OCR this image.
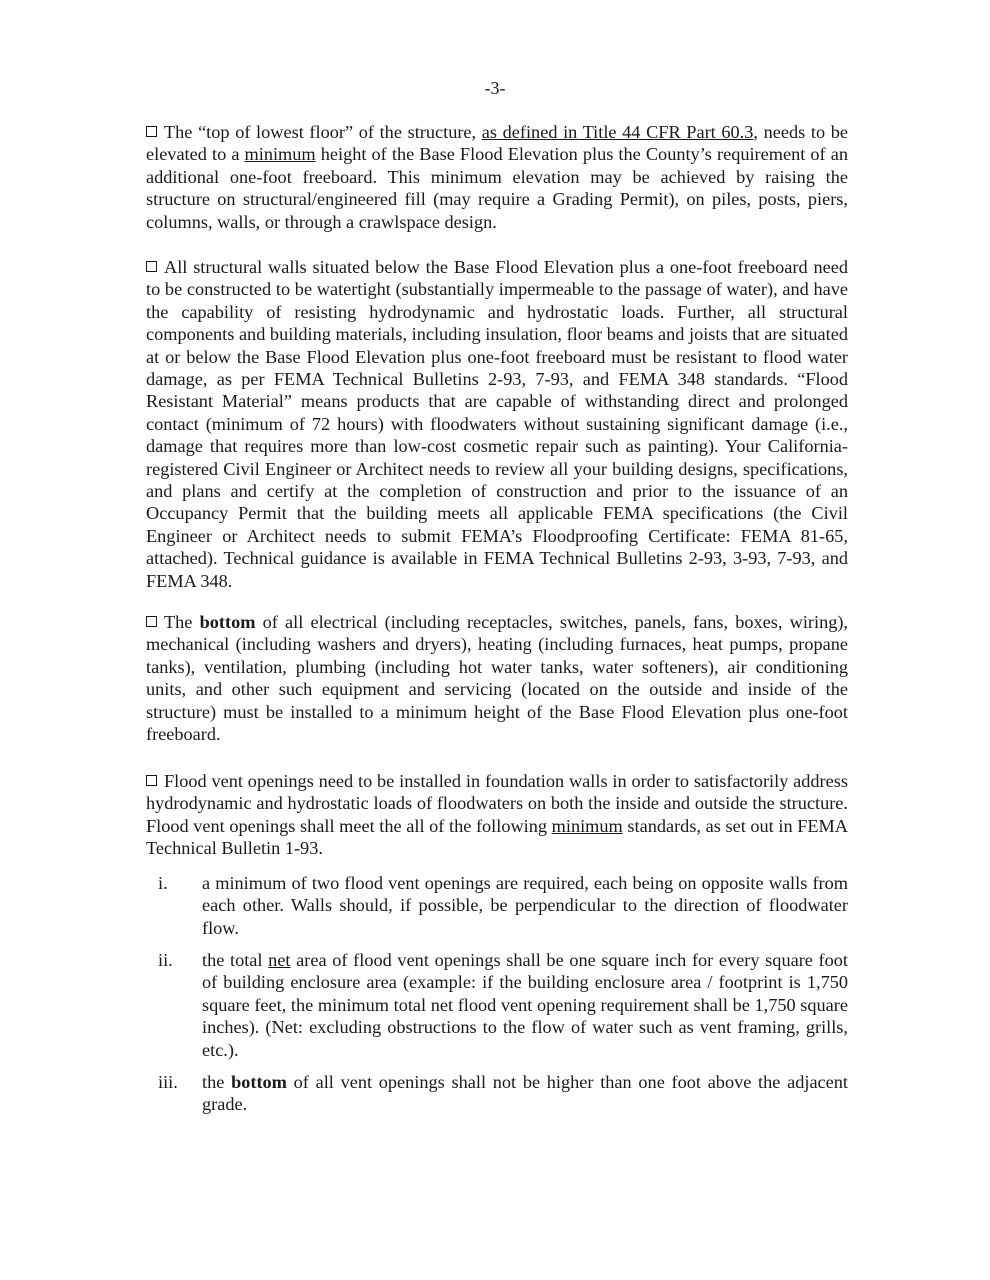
-3-

The “top of lowest floor” of the structure, as defined in Title 44 CFR Part 60.3, needs to be elevated to a minimum height of the Base Flood Elevation plus the County’s requirement of an additional one-foot freeboard. This minimum elevation may be achieved by raising the structure on structural/engineered fill (may require a Grading Permit), on piles, posts, piers, columns, walls, or through a crawlspace design.

All structural walls situated below the Base Flood Elevation plus a one-foot freeboard need to be constructed to be watertight (substantially impermeable to the passage of water), and have the capability of resisting hydrodynamic and hydrostatic loads. Further, all structural components and building materials, including insulation, floor beams and joists that are situated at or below the Base Flood Elevation plus one-foot freeboard must be resistant to flood water damage, as per FEMA Technical Bulletins 2-93, 7-93, and FEMA 348 standards. “Flood Resistant Material” means products that are capable of withstanding direct and prolonged contact (minimum of 72 hours) with floodwaters without sustaining significant damage (i.e., damage that requires more than low-cost cosmetic repair such as painting). Your California-registered Civil Engineer or Architect needs to review all your building designs, specifications, and plans and certify at the completion of construction and prior to the issuance of an Occupancy Permit that the building meets all applicable FEMA specifications (the Civil Engineer or Architect needs to submit FEMA’s Floodproofing Certificate: FEMA 81-65, attached). Technical guidance is available in FEMA Technical Bulletins 2-93, 3-93, 7-93, and FEMA 348.

The bottom of all electrical (including receptacles, switches, panels, fans, boxes, wiring), mechanical (including washers and dryers), heating (including furnaces, heat pumps, propane tanks), ventilation, plumbing (including hot water tanks, water softeners), air conditioning units, and other such equipment and servicing (located on the outside and inside of the structure) must be installed to a minimum height of the Base Flood Elevation plus one-foot freeboard.

Flood vent openings need to be installed in foundation walls in order to satisfactorily address hydrodynamic and hydrostatic loads of floodwaters on both the inside and outside the structure. Flood vent openings shall meet the all of the following minimum standards, as set out in FEMA Technical Bulletin 1-93.

i.	a minimum of two flood vent openings are required, each being on opposite walls from each other. Walls should, if possible, be perpendicular to the direction of floodwater flow.
ii.	the total net area of flood vent openings shall be one square inch for every square foot of building enclosure area (example: if the building enclosure area / footprint is 1,750 square feet, the minimum total net flood vent opening requirement shall be 1,750 square inches). (Net: excluding obstructions to the flow of water such as vent framing, grills, etc.).
iii.	the bottom of all vent openings shall not be higher than one foot above the adjacent grade.
